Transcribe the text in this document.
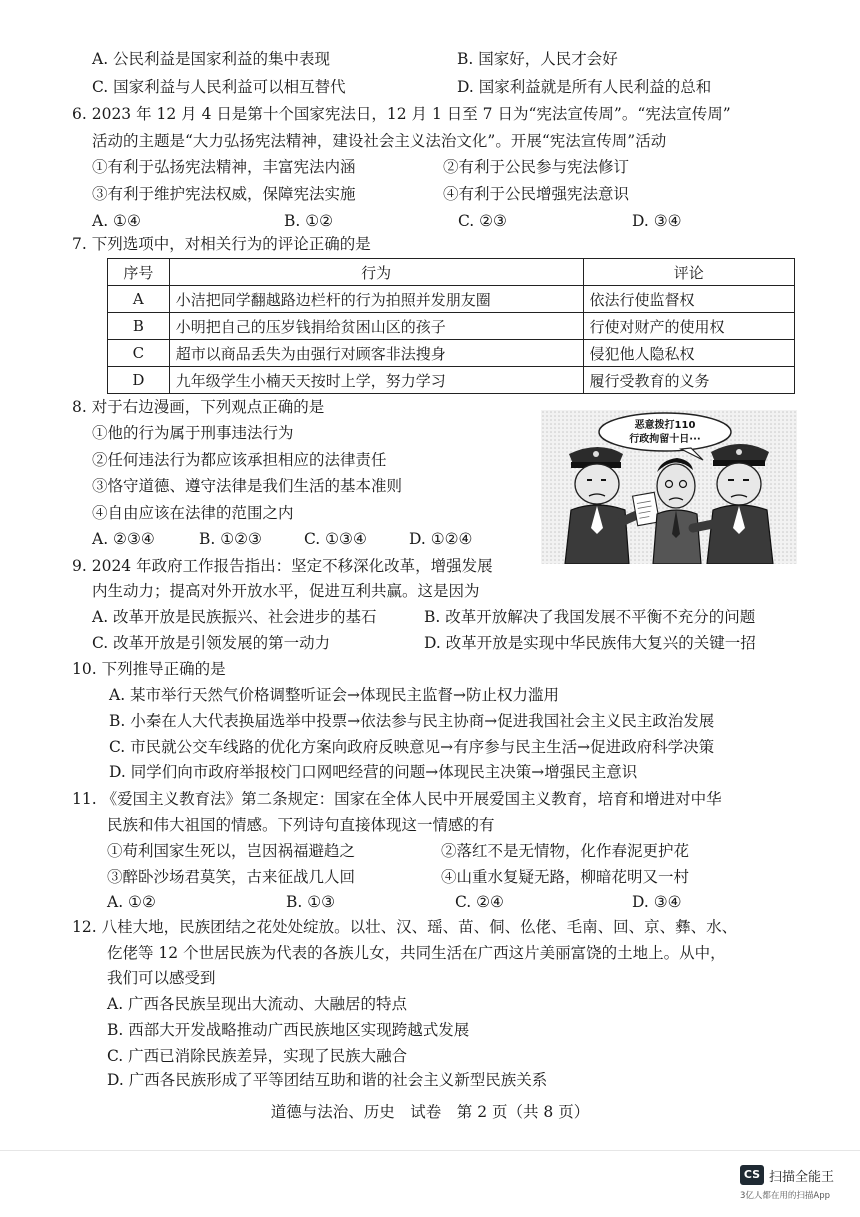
A. 公民利益是国家利益的集中表现	B. 国家好，人民才会好
C. 国家利益与人民利益可以相互替代	D. 国家利益就是所有人民利益的总和
6. 2023 年 12 月 4 日是第十个国家宪法日，12 月 1 日至 7 日为“宪法宣传周”。“宪法宣传周”
活动的主题是“大力弘扬宪法精神，建设社会主义法治文化”。开展“宪法宣传周”活动
①有利于弘扬宪法精神，丰富宪法内涵	②有利于公民参与宪法修订
③有利于维护宪法权威，保障宪法实施	④有利于公民增强宪法意识
A. ①④	B. ①②	C. ②③	D. ③④
7. 下列选项中，对相关行为的评论正确的是
序号	行为	评论
A	小洁把同学翻越路边栏杆的行为拍照并发朋友圈	依法行使监督权
B	小明把自己的压岁钱捐给贫困山区的孩子	行使对财产的使用权
C	超市以商品丢失为由强行对顾客非法搜身	侵犯他人隐私权
D	九年级学生小楠天天按时上学，努力学习	履行受教育的义务
8. 对于右边漫画，下列观点正确的是
①他的行为属于刑事违法行为
②任何违法行为都应该承担相应的法律责任
③恪守道德、遵守法律是我们生活的基本准则
④自由应该在法律的范围之内
A. ②③④	B. ①②③	C. ①③④	D. ①②④
恶意拨打110
行政拘留十日···
9. 2024 年政府工作报告指出：坚定不移深化改革，增强发展
内生动力；提高对外开放水平，促进互利共赢。这是因为
A. 改革开放是民族振兴、社会进步的基石	B. 改革开放解决了我国发展不平衡不充分的问题
C. 改革开放是引领发展的第一动力	D. 改革开放是实现中华民族伟大复兴的关键一招
10. 下列推导正确的是
A. 某市举行天然气价格调整听证会→体现民主监督→防止权力滥用
B. 小秦在人大代表换届选举中投票→依法参与民主协商→促进我国社会主义民主政治发展
C. 市民就公交车线路的优化方案向政府反映意见→有序参与民主生活→促进政府科学决策
D. 同学们向市政府举报校门口网吧经营的问题→体现民主决策→增强民主意识
11. 《爱国主义教育法》第二条规定：国家在全体人民中开展爱国主义教育，培育和增进对中华
民族和伟大祖国的情感。下列诗句直接体现这一情感的有
①苟利国家生死以，岂因祸福避趋之	②落红不是无情物，化作春泥更护花
③醉卧沙场君莫笑，古来征战几人回	④山重水复疑无路，柳暗花明又一村
A. ①②	B. ①③	C. ②④	D. ③④
12. 八桂大地，民族团结之花处处绽放。以壮、汉、瑶、苗、侗、仫佬、毛南、回、京、彝、水、
仡佬等 12 个世居民族为代表的各族儿女，共同生活在广西这片美丽富饶的土地上。从中，
我们可以感受到
A. 广西各民族呈现出大流动、大融居的特点
B. 西部大开发战略推动广西民族地区实现跨越式发展
C. 广西已消除民族差异，实现了民族大融合
D. 广西各民族形成了平等团结互助和谐的社会主义新型民族关系
道德与法治、历史　试卷　第 2 页（共 8 页）
CS 扫描全能王
3亿人都在用的扫描App
